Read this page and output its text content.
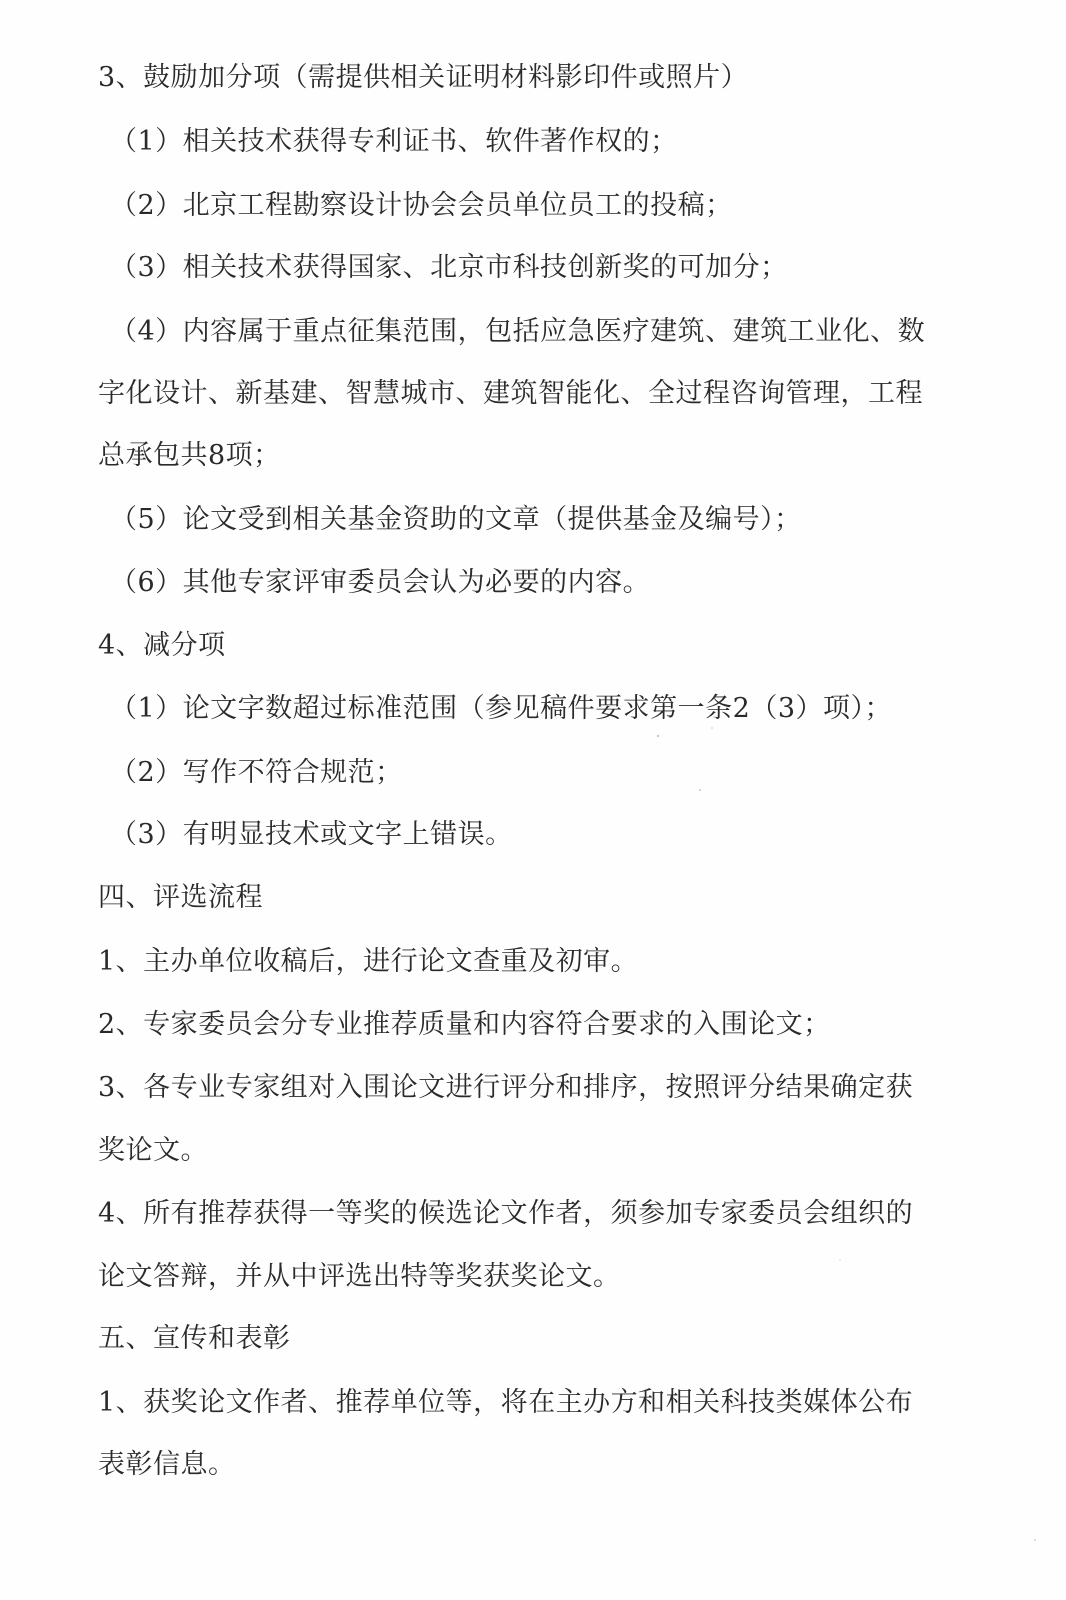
3、鼓励加分项（需提供相关证明材料影印件或照片）

（1）相关技术获得专利证书、软件著作权的；

（2）北京工程勘察设计协会会员单位员工的投稿；

（3）相关技术获得国家、北京市科技创新奖的可加分；

（4）内容属于重点征集范围，包括应急医疗建筑、建筑工业化、数

字化设计、新基建、智慧城市、建筑智能化、全过程咨询管理，工程

总承包共8项；

（5）论文受到相关基金资助的文章（提供基金及编号）；

（6）其他专家评审委员会认为必要的内容。

4、减分项

（1）论文字数超过标准范围（参见稿件要求第一条2（3）项）；

（2）写作不符合规范；

（3）有明显技术或文字上错误。

四、评选流程

1、主办单位收稿后，进行论文查重及初审。

2、专家委员会分专业推荐质量和内容符合要求的入围论文；

3、各专业专家组对入围论文进行评分和排序，按照评分结果确定获

奖论文。

4、所有推荐获得一等奖的候选论文作者，须参加专家委员会组织的

论文答辩，并从中评选出特等奖获奖论文。

五、宣传和表彰

1、获奖论文作者、推荐单位等，将在主办方和相关科技类媒体公布

表彰信息。
